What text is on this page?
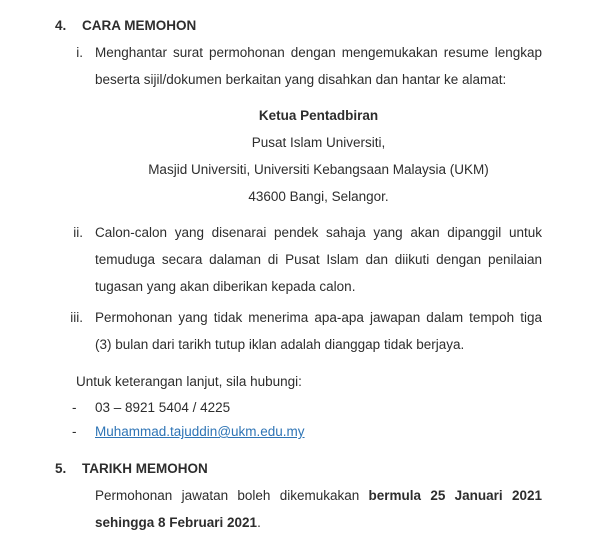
4.	CARA MEMOHON
i. Menghantar surat permohonan dengan mengemukakan resume lengkap beserta sijil/dokumen berkaitan yang disahkan dan hantar ke alamat:
Ketua Pentadbiran
Pusat Islam Universiti,
Masjid Universiti, Universiti Kebangsaan Malaysia (UKM)
43600 Bangi, Selangor.
ii. Calon-calon yang disenarai pendek sahaja yang akan dipanggil untuk temuduga secara dalaman di Pusat Islam dan diikuti dengan penilaian tugasan yang akan diberikan kepada calon.
iii. Permohonan yang tidak menerima apa-apa jawapan dalam tempoh tiga (3) bulan dari tarikh tutup iklan adalah dianggap tidak berjaya.
Untuk keterangan lanjut, sila hubungi:
-	03 – 8921 5404 / 4225
-	Muhammad.tajuddin@ukm.edu.my
5.	TARIKH MEMOHON
Permohonan jawatan boleh dikemukakan bermula 25 Januari 2021 sehingga 8 Februari 2021.
